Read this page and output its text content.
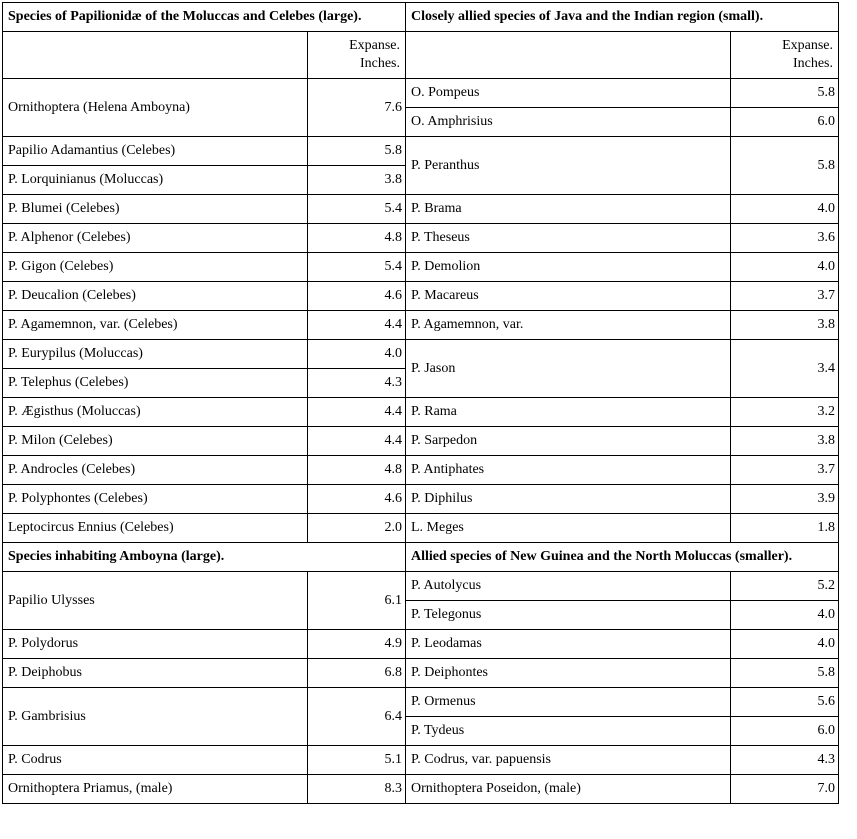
Species of Papilionidæ of the Moluccas and Celebes (large).		Closely allied species of Java and the Indian region (small).	

	Expanse.
Inches.		Expanse.
Inches.

Ornithoptera (Helena Amboyna)	7.6	O. Pompeus	5.8
		O. Amphrisius	6.0
Papilio Adamantius (Celebes)	5.8	P. Peranthus	5.8
P. Lorquinianus (Moluccas)	3.8		
P. Blumei (Celebes)	5.4	P. Brama	4.0
P. Alphenor (Celebes)	4.8	P. Theseus	3.6
P. Gigon (Celebes)	5.4	P. Demolion	4.0
P. Deucalion (Celebes)	4.6	P. Macareus	3.7
P. Agamemnon, var. (Celebes)	4.4	P. Agamemnon, var.	3.8
P. Eurypilus (Moluccas)	4.0	P. Jason	3.4
P. Telephus (Celebes)	4.3		
P. Ægisthus (Moluccas)	4.4	P. Rama	3.2
P. Milon (Celebes)	4.4	P. Sarpedon	3.8
P. Androcles (Celebes)	4.8	P. Antiphates	3.7
P. Polyphontes (Celebes)	4.6	P. Diphilus	3.9
Leptocircus Ennius (Celebes)	2.0	L. Meges	1.8
Species inhabiting Amboyna (large).		Allied species of New Guinea and the North Moluccas (smaller).	
Papilio Ulysses	6.1	P. Autolycus	5.2
		P. Telegonus	4.0
P. Polydorus	4.9	P. Leodamas	4.0
P. Deiphobus	6.8	P. Deiphontes	5.8
P. Gambrisius	6.4	P. Ormenus	5.6
		P. Tydeus	6.0
P. Codrus	5.1	P. Codrus, var. papuensis	4.3
Ornithoptera Priamus, (male)	8.3	Ornithoptera Poseidon, (male)	7.0
